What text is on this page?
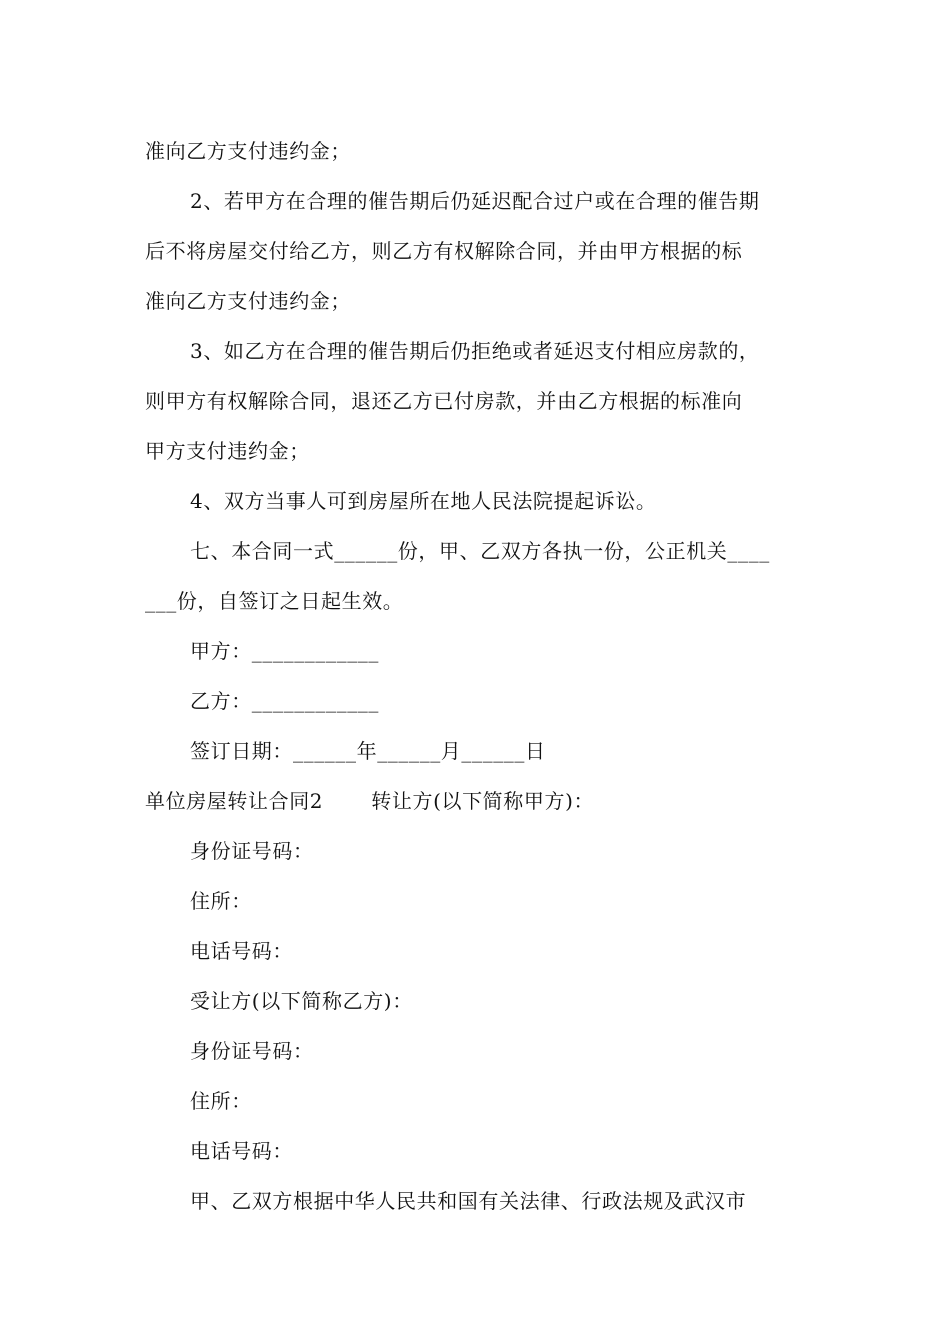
准向乙方支付违约金；
2、若甲方在合理的催告期后仍延迟配合过户或在合理的催告期
后不将房屋交付给乙方，则乙方有权解除合同，并由甲方根据的标
准向乙方支付违约金；
3、如乙方在合理的催告期后仍拒绝或者延迟支付相应房款的，
则甲方有权解除合同，退还乙方已付房款，并由乙方根据的标准向
甲方支付违约金；
4、双方当事人可到房屋所在地人民法院提起诉讼。
七、本合同一式______份，甲、乙双方各执一份，公正机关____
___份，自签订之日起生效。
甲方：____________
乙方：____________
签订日期：______年______月______日
单位房屋转让合同2　　 转让方(以下简称甲方)：
身份证号码：
住所：
电话号码：
受让方(以下简称乙方)：
身份证号码：
住所：
电话号码：
甲、乙双方根据中华人民共和国有关法律、行政法规及武汉市
